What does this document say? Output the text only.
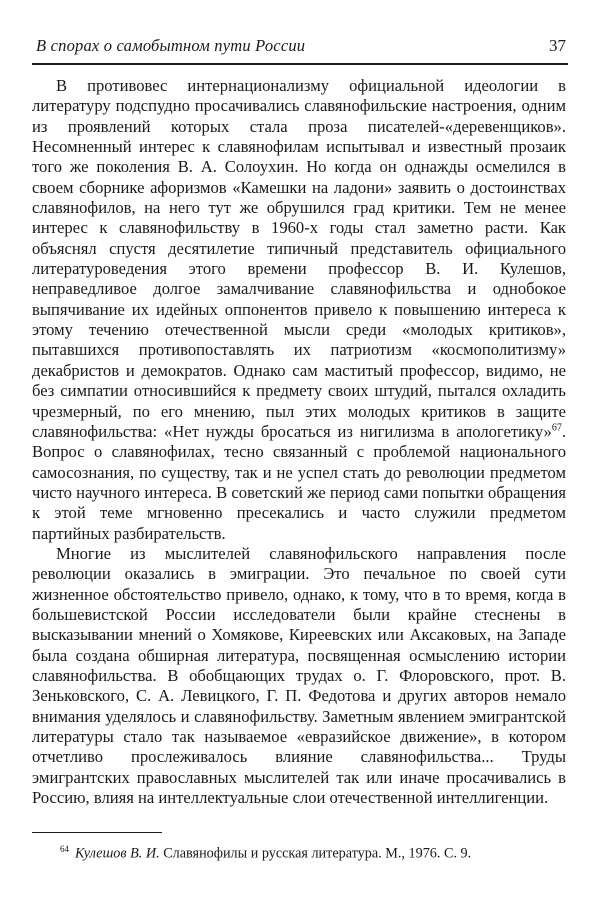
В спорах о самобытном пути России	37

В противовес интернационализму официальной идеологии в литературу подспудно просачивались славянофильские настроения, одним из проявлений которых стала проза писателей-«деревенщиков». Несомненный интерес к славянофилам испытывал и известный прозаик того же поколения В. А. Солоухин. Но когда он однажды осмелился в своем сборнике афоризмов «Камешки на ладони» заявить о достоинствах славянофилов, на него тут же обрушился град критики. Тем не менее интерес к славянофильству в 1960-х годы стал заметно расти. Как объяснял спустя десятилетие типичный представитель официального литературоведения этого времени профессор В. И. Кулешов, неправедливое долгое замалчивание славянофильства и однобокое выпячивание их идейных оппонентов привело к повышению интереса к этому течению отечественной мысли среди «молодых критиков», пытавшихся противопоставлять их патриотизм «космополитизму» декабристов и демократов. Однако сам маститый профессор, видимо, не без симпатии относившийся к предмету своих штудий, пытался охладить чрезмерный, по его мнению, пыл этих молодых критиков в защите славянофильства: «Нет нужды бросаться из нигилизма в апологетику»$^{67}$. Вопрос о славянофилах, тесно связанный с проблемой национального самосознания, по существу, так и не успел стать до революции предметом чисто научного интереса. В советский же период сами попытки обращения к этой теме мгновенно пресекались и часто служили предметом партийных разбирательств.

Многие из мыслителей славянофильского направления после революции оказались в эмиграции. Это печальное по своей сути жизненное обстоятельство привело, однако, к тому, что в то время, когда в большевистской России исследователи были крайне стеснены в высказывании мнений о Хомякове, Киреевских или Аксаковых, на Западе была создана обширная литература, посвященная осмыслению истории славянофильства. В обобщающих трудах о. Г. Флоровского, прот. В. Зеньковского, С. А. Левицкого, Г. П. Федотова и других авторов немало внимания уделялось и славянофильству. Заметным явлением эмигрантской литературы стало так называемое «евразийское движение», в котором отчетливо прослеживалось влияние славянофильства... Труды эмигрантских православных мыслителей так или иначе просачивались в Россию, влияя на интеллектуальные слои отечественной интеллигенции.

$^{64}$ Кулешов В. И. Славянофилы и русская литература. М., 1976. С. 9.
